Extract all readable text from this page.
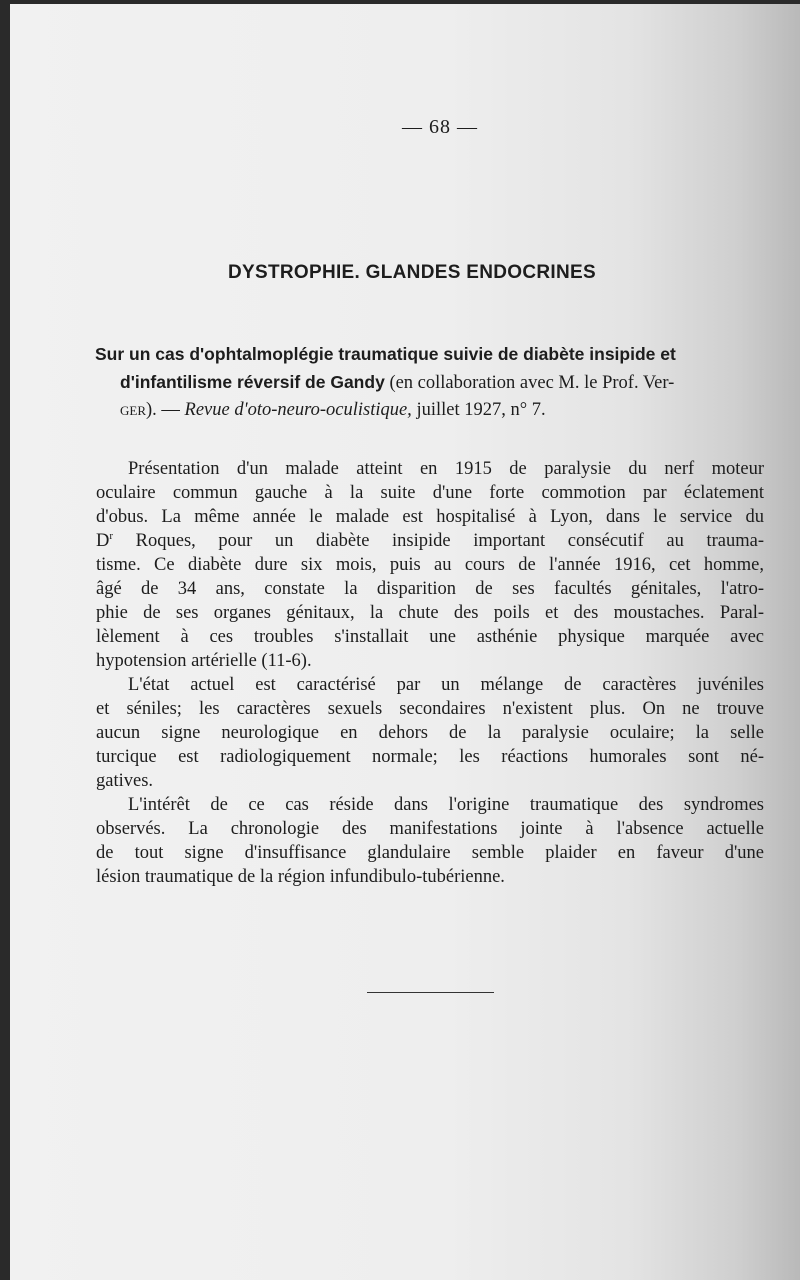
— 68 —
DYSTROPHIE. GLANDES ENDOCRINES
Sur un cas d'ophtalmoplégie traumatique suivie de diabète insipide et
d'infantilisme réversif de Gandy (en collaboration avec M. le Prof. Ver-
ger). — Revue d'oto-neuro-oculistique, juillet 1927, n° 7.

Présentation d'un malade atteint en 1915 de paralysie du nerf moteur
oculaire commun gauche à la suite d'une forte commotion par éclatement
d'obus. La même année le malade est hospitalisé à Lyon, dans le service du
$D^r$ Roques, pour un diabète insipide important consécutif au trauma-
tisme. Ce diabète dure six mois, puis au cours de l'année 1916, cet homme,
âgé de 34 ans, constate la disparition de ses facultés génitales, l'atro-
phie de ses organes génitaux, la chute des poils et des moustaches. Paral-
lèlement à ces troubles s'installait une asthénie physique marquée avec
hypotension artérielle (11-6).

L'état actuel est caractérisé par un mélange de caractères juvéniles
et séniles; les caractères sexuels secondaires n'existent plus. On ne trouve
aucun signe neurologique en dehors de la paralysie oculaire; la selle
turcique est radiologiquement normale; les réactions humorales sont né-
gatives.

L'intérêt de ce cas réside dans l'origine traumatique des syndromes
observés. La chronologie des manifestations jointe à l'absence actuelle
de tout signe d'insuffisance glandulaire semble plaider en faveur d'une
lésion traumatique de la région infundibulo-tubérienne.
